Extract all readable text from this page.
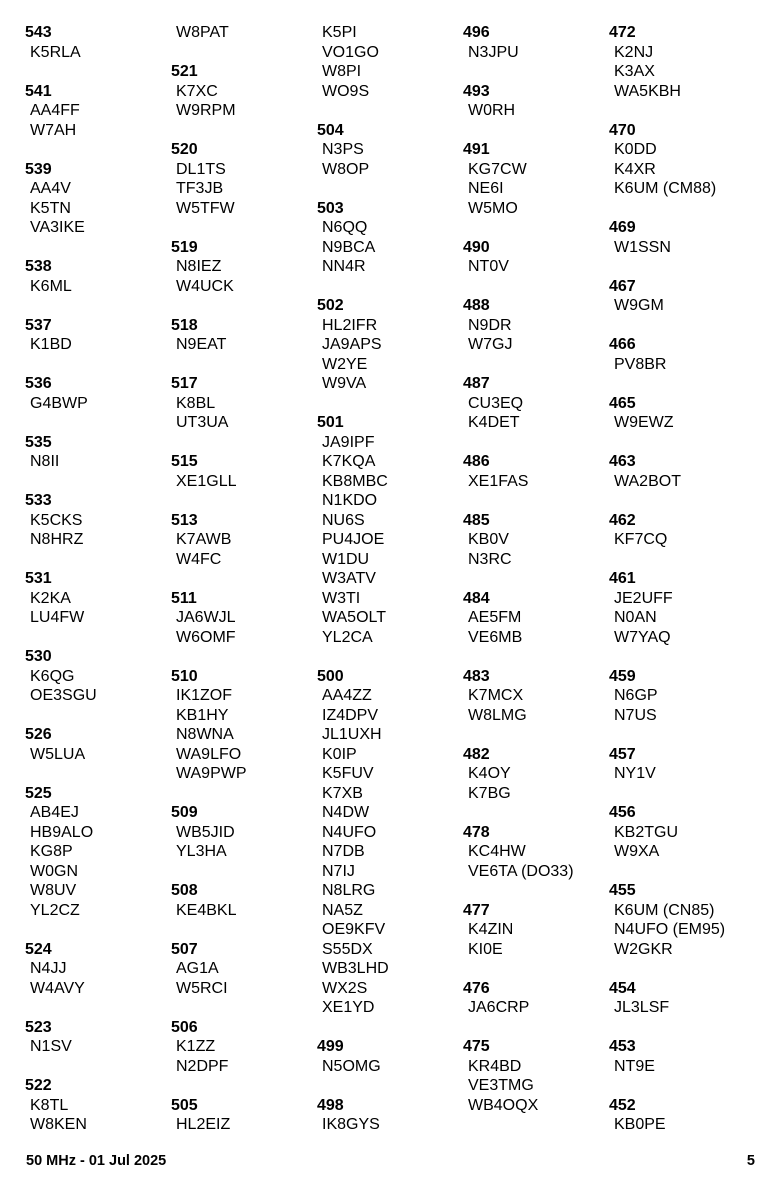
543
K5RLA
541
AA4FF
W7AH
539
AA4V
K5TN
VA3IKE
538
K6ML
537
K1BD
536
G4BWP
535
N8II
533
K5CKS
N8HRZ
531
K2KA
LU4FW
530
K6QG
OE3SGU
526
W5LUA
525
AB4EJ
HB9ALO
KG8P
W0GN
W8UV
YL2CZ
524
N4JJ
W4AVY
523
N1SV
522
K8TL
W8KEN
W8PAT
521
K7XC
W9RPM
520
DL1TS
TF3JB
W5TFW
519
N8IEZ
W4UCK
518
N9EAT
517
K8BL
UT3UA
515
XE1GLL
513
K7AWB
W4FC
511
JA6WJL
W6OMF
510
IK1ZOF
KB1HY
N8WNA
WA9LFO
WA9PWP
509
WB5JID
YL3HA
508
KE4BKL
507
AG1A
W5RCI
506
K1ZZ
N2DPF
505
HL2EIZ
K5PI
VO1GO
W8PI
WO9S
504
N3PS
W8OP
503
N6QQ
N9BCA
NN4R
502
HL2IFR
JA9APS
W2YE
W9VA
501
JA9IPF
K7KQA
KB8MBC
N1KDO
NU6S
PU4JOE
W1DU
W3ATV
W3TI
WA5OLT
YL2CA
500
AA4ZZ
IZ4DPV
JL1UXH
K0IP
K5FUV
K7XB
N4DW
N4UFO
N7DB
N7IJ
N8LRG
NA5Z
OE9KFV
S55DX
WB3LHD
WX2S
XE1YD
499
N5OMG
498
IK8GYS
496
N3JPU
493
W0RH
491
KG7CW
NE6I
W5MO
490
NT0V
488
N9DR
W7GJ
487
CU3EQ
K4DET
486
XE1FAS
485
KB0V
N3RC
484
AE5FM
VE6MB
483
K7MCX
W8LMG
482
K4OY
K7BG
478
KC4HW
VE6TA (DO33)
477
K4ZIN
KI0E
476
JA6CRP
475
KR4BD
VE3TMG
WB4OQX
472
K2NJ
K3AX
WA5KBH
470
K0DD
K4XR
K6UM (CM88)
469
W1SSN
467
W9GM
466
PV8BR
465
W9EWZ
463
WA2BOT
462
KF7CQ
461
JE2UFF
N0AN
W7YAQ
459
N6GP
N7US
457
NY1V
456
KB2TGU
W9XA
455
K6UM (CN85)
N4UFO (EM95)
W2GKR
454
JL3LSF
453
NT9E
452
KB0PE
50 MHz - 01 Jul 2025	5
